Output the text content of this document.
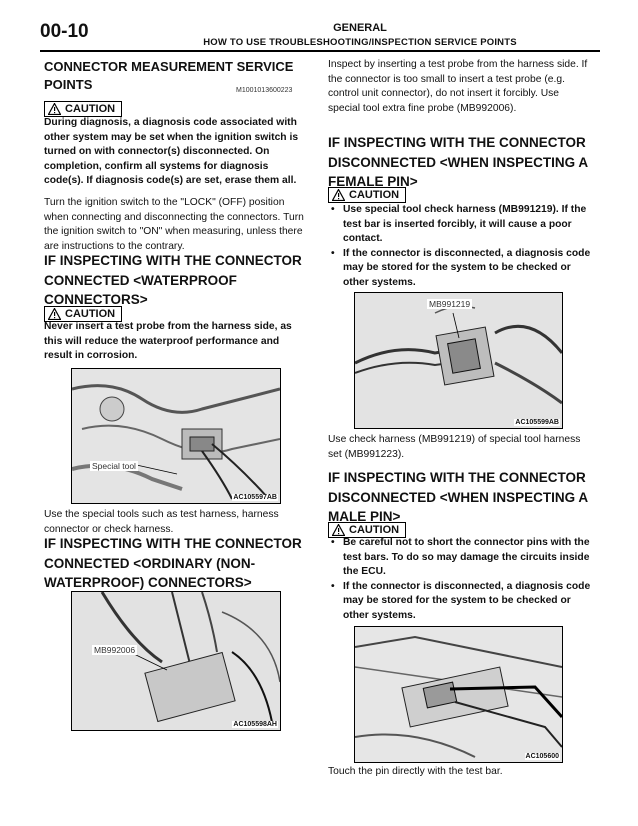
00-10	GENERAL
HOW TO USE TROUBLESHOOTING/INSPECTION SERVICE POINTS
CONNECTOR MEASUREMENT SERVICE POINTS	M1001013600223
CAUTION
During diagnosis, a diagnosis code associated with other system may be set when the ignition switch is turned on with connector(s) disconnected. On completion, confirm all systems for diagnosis code(s). If diagnosis code(s) are set, erase them all.
Turn the ignition switch to the "LOCK" (OFF) position when connecting and disconnecting the connectors. Turn the ignition switch to "ON" when measuring, unless there are instructions to the contrary.
IF INSPECTING WITH THE CONNECTOR CONNECTED <WATERPROOF CONNECTORS>
CAUTION
Never insert a test probe from the harness side, as this will reduce the waterproof performance and result in corrosion.
Special tool
AC105597AB
Use the special tools such as test harness, harness connector or check harness.
IF INSPECTING WITH THE CONNECTOR CONNECTED <ORDINARY (NON-WATERPROOF) CONNECTORS>
MB992006
AC105598AH
Inspect by inserting a test probe from the harness side. If the connector is too small to insert a test probe (e.g. control unit connector), do not insert it forcibly. Use special tool extra fine probe (MB992006).
IF INSPECTING WITH THE CONNECTOR DISCONNECTED <WHEN INSPECTING A FEMALE PIN>
CAUTION
• Use special tool check harness (MB991219). If the test bar is inserted forcibly, it will cause a poor contact.
• If the connector is disconnected, a diagnosis code may be stored for the system to be checked or other systems.
MB991219
AC105599AB
Use check harness (MB991219) of special tool harness set (MB991223).
IF INSPECTING WITH THE CONNECTOR DISCONNECTED <WHEN INSPECTING A MALE PIN>
CAUTION
• Be careful not to short the connector pins with the test bars. To do so may damage the circuits inside the ECU.
• If the connector is disconnected, a diagnosis code may be stored for the system to be checked or other systems.
AC105600
Touch the pin directly with the test bar.
